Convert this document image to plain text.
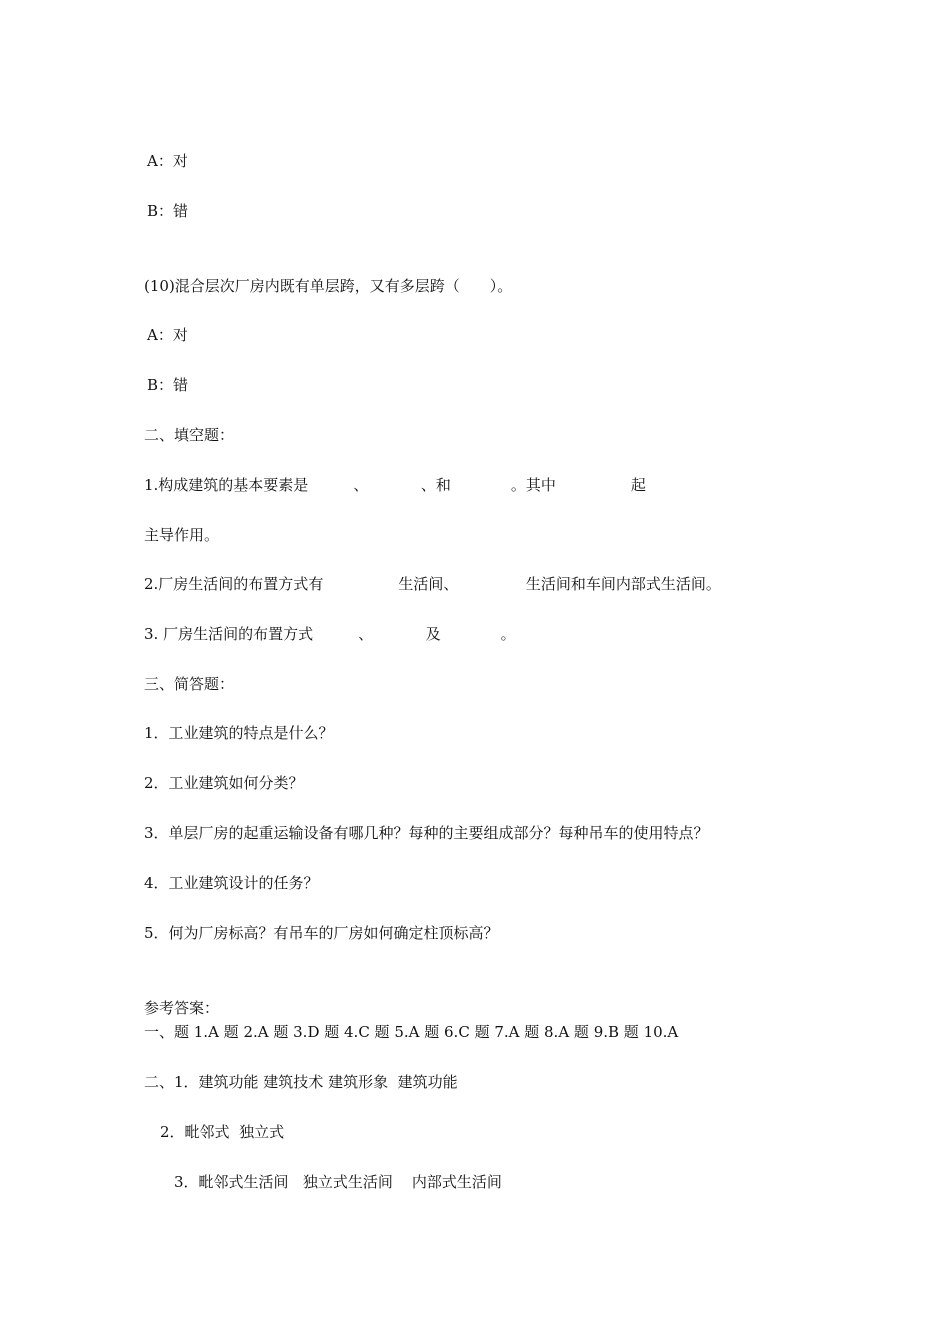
A：对
B：错
(10)混合层次厂房内既有单层跨，又有多层跨（　　）。
A：对
B：错
二、填空题：
1.构成建筑的基本要素是　　　、　　　　、和　　　　。其中　　　　　起
主导作用。
2.厂房生活间的布置方式有　　　　　生活间、　　　　　生活间和车间内部式生活间。
3. 厂房生活间的布置方式　　　、　　　　及　　　　。
三、简答题：
1．工业建筑的特点是什么？
2．工业建筑如何分类？
3．单层厂房的起重运输设备有哪几种？每种的主要组成部分？每种吊车的使用特点？
4．工业建筑设计的任务？
5．何为厂房标高？有吊车的厂房如何确定柱顶标高？
参考答案：
一、题 1.A 题 2.A 题 3.D 题 4.C 题 5.A 题 6.C 题 7.A 题 8.A 题 9.B 题 10.A
二、1．建筑功能 建筑技术 建筑形象  建筑功能
2．毗邻式  独立式
3．毗邻式生活间   独立式生活间    内部式生活间
